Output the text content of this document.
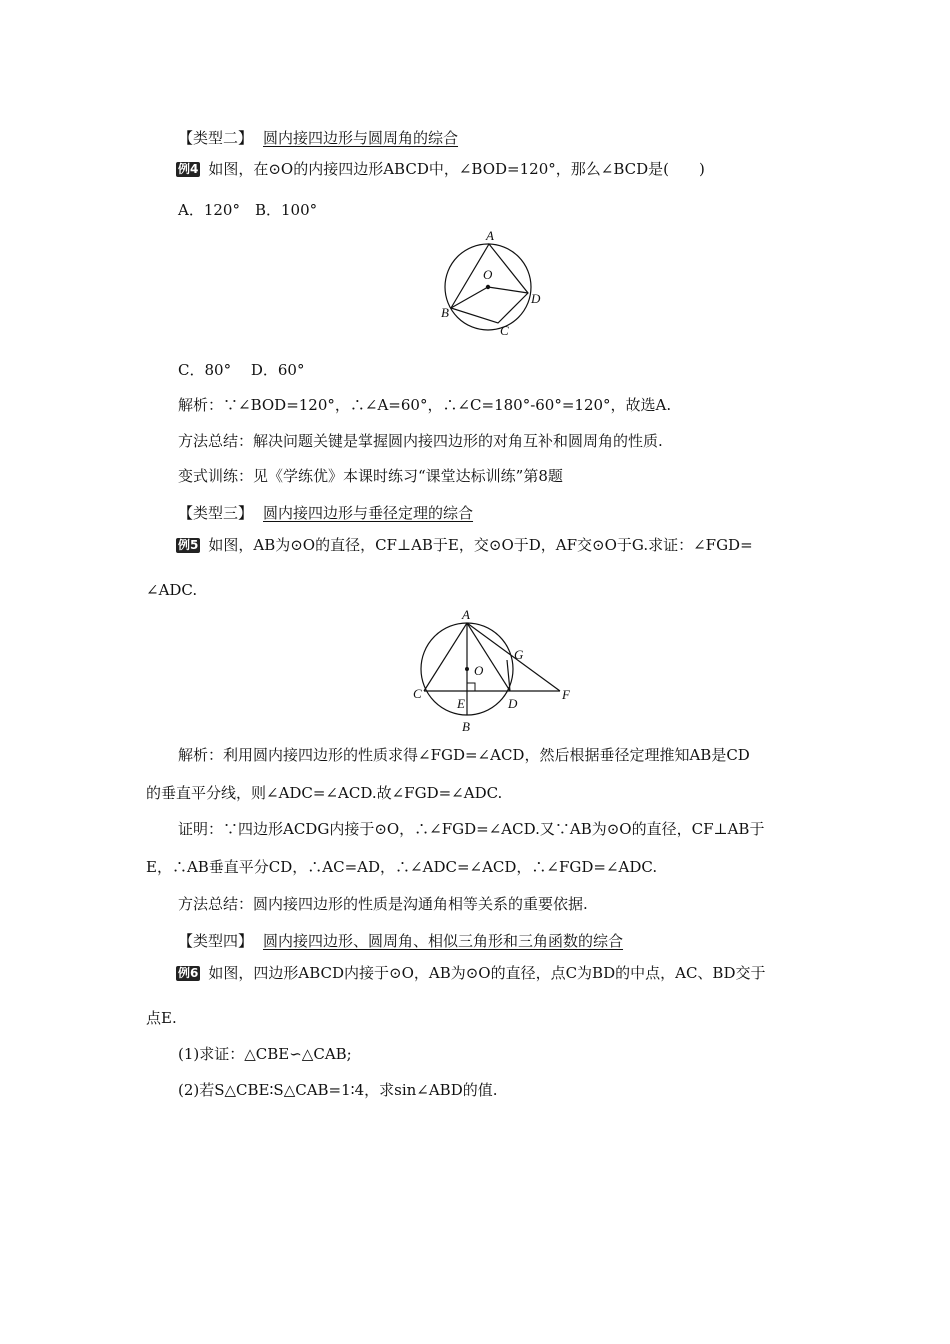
【类型二】 圆内接四边形与圆周角的综合
例4 如图，在⊙O的内接四边形ABCD中，∠BOD=120°，那么∠BCD是(　　)
A．120°　B．100°
A
O
B
C
D
C．80°　 D．60°
解析：∵∠BOD=120°，∴∠A=60°，∴∠C=180°-60°=120°，故选A.
方法总结：解决问题关键是掌握圆内接四边形的对角互补和圆周角的性质.
变式训练：见《学练优》本课时练习“课堂达标训练”第8题
【类型三】 圆内接四边形与垂径定理的综合
例5 如图，AB为⊙O的直径，CF⊥AB于E，交⊙O于D，AF交⊙O于G.求证：∠FGD=
∠ADC.
A
G
O
C
E	D
F
B
解析：利用圆内接四边形的性质求得∠FGD=∠ACD，然后根据垂径定理推知AB是CD
的垂直平分线，则∠ADC=∠ACD.故∠FGD=∠ADC.
证明：∵四边形ACDG内接于⊙O，∴∠FGD=∠ACD.又∵AB为⊙O的直径，CF⊥AB于
E，∴AB垂直平分CD，∴AC=AD，∴∠ADC=∠ACD，∴∠FGD=∠ADC.
方法总结：圆内接四边形的性质是沟通角相等关系的重要依据.
【类型四】 圆内接四边形、圆周角、相似三角形和三角函数的综合
例6 如图，四边形ABCD内接于⊙O，AB为⊙O的直径，点C为BD的中点，AC、BD交于
点E.
(1)求证：△CBE∽△CAB;
(2)若S△CBE∶S△CAB=1∶4，求sin∠ABD的值.
